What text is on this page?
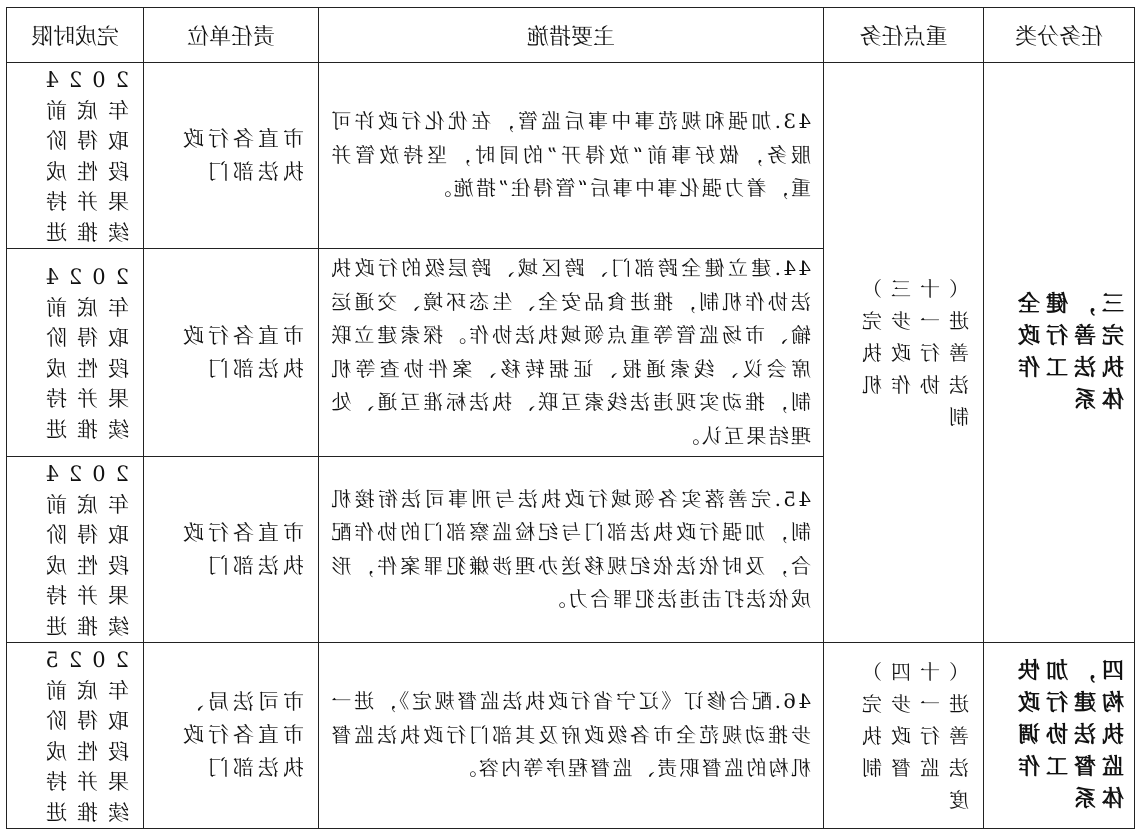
完成时限	责任单位	主要措施	重点任务	任务分类

2024年底前取得阶段性成果并持续推进	市直各行政执法部门	43.加强和规范事中事后监管，在优化行政许可服务，做好事前“放得开”的同时，坚持放管并重，着力强化事中事后“管得住”措施。	（十三）进一步完善行政执法协作机制	三，健全完善行政执法工作体系

2024年底前取得阶段性成果并持续推进	市直各行政执法部门	44.建立健全跨部门、跨区域、跨层级的行政执法协作机制，推进食品安全、生态环境、交通运输、市场监管等重点领域执法协作。探索建立联席会议、线索通报、证据转移、案件协查等机制，推动实现违法线索互联、执法标准互通、处理结果互认。		

2024年底前取得阶段性成果并持续推进	市直各行政执法部门	45.完善落实各领域行政执法与刑事司法衔接机制，加强行政执法部门与纪检监察部门的协作配合，及时依法依纪规移送办理涉嫌犯罪案件，形成依法打击违法犯罪合力。		

2025年底前取得阶段性成果并持续推进	市司法局、市直各行政执法部门	46.配合修订《辽宁省行政执法监督规定》，进一步推动规范全市各级政府及其部门行政执法监督机构的监督职责、监督程序等内容。	（十四）进一步完善行政执法监督制度	四，加快构建行政执法协调监督工作体系
